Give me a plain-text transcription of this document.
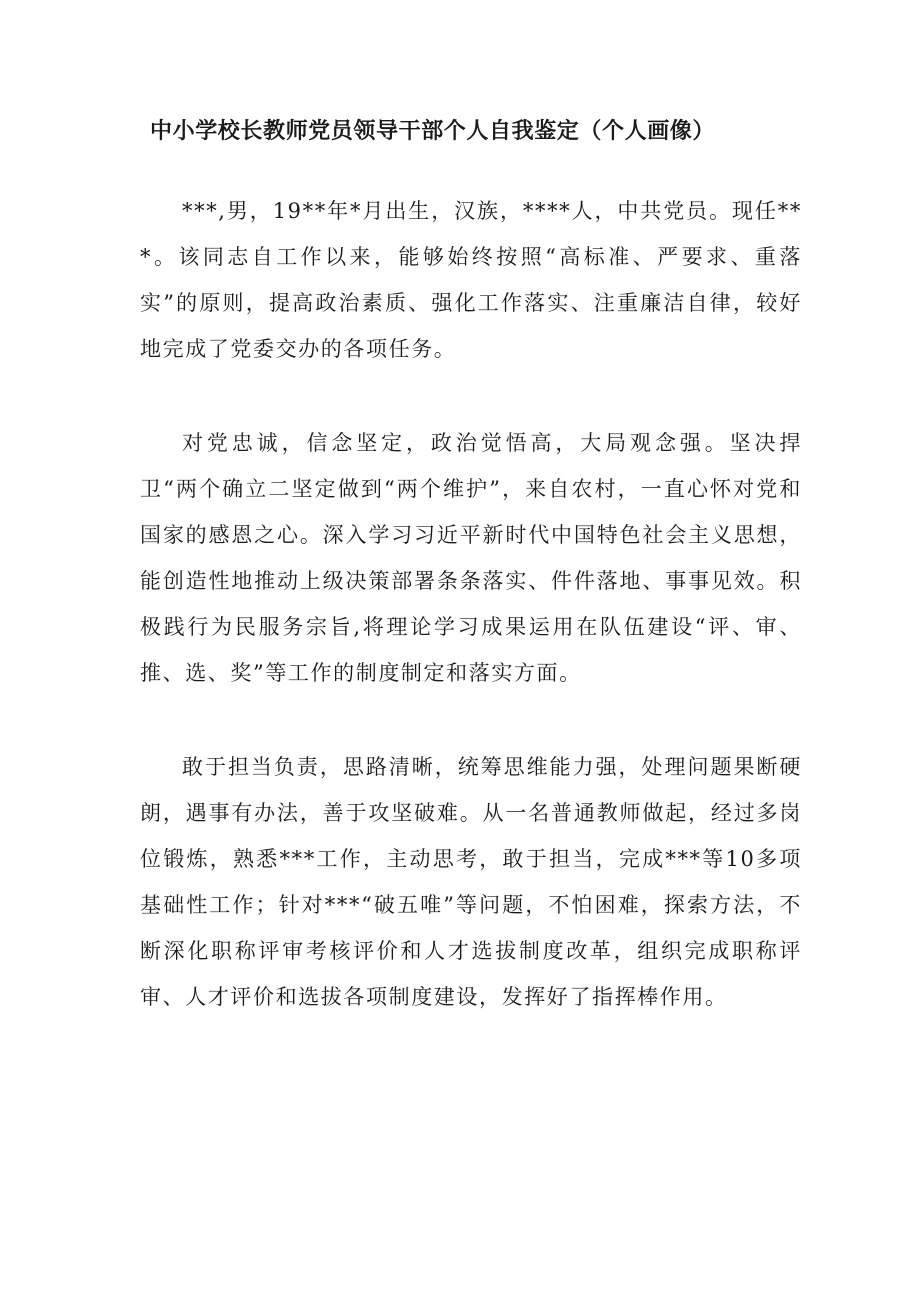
中小学校长教师党员领导干部个人自我鉴定（个人画像）

***,男，19**年*月出生，汉族，****人，中共党员。现任***。该同志自工作以来，能够始终按照“高标准、严要求、重落实”的原则，提高政治素质、强化工作落实、注重廉洁自律，较好地完成了党委交办的各项任务。

对党忠诚，信念坚定，政治觉悟高，大局观念强。坚决捍卫“两个确立二坚定做到“两个维护”，来自农村，一直心怀对党和国家的感恩之心。深入学习习近平新时代中国特色社会主义思想，能创造性地推动上级决策部署条条落实、件件落地、事事见效。积极践行为民服务宗旨,将理论学习成果运用在队伍建设“评、审、推、选、奖”等工作的制度制定和落实方面。

敢于担当负责，思路清晰，统筹思维能力强，处理问题果断硬朗，遇事有办法，善于攻坚破难。从一名普通教师做起，经过多岗位锻炼，熟悉***工作，主动思考，敢于担当，完成***等10多项基础性工作；针对***“破五唯”等问题，不怕困难，探索方法，不断深化职称评审考核评价和人才选拔制度改革，组织完成职称评审、人才评价和选拔各项制度建设，发挥好了指挥棒作用。
